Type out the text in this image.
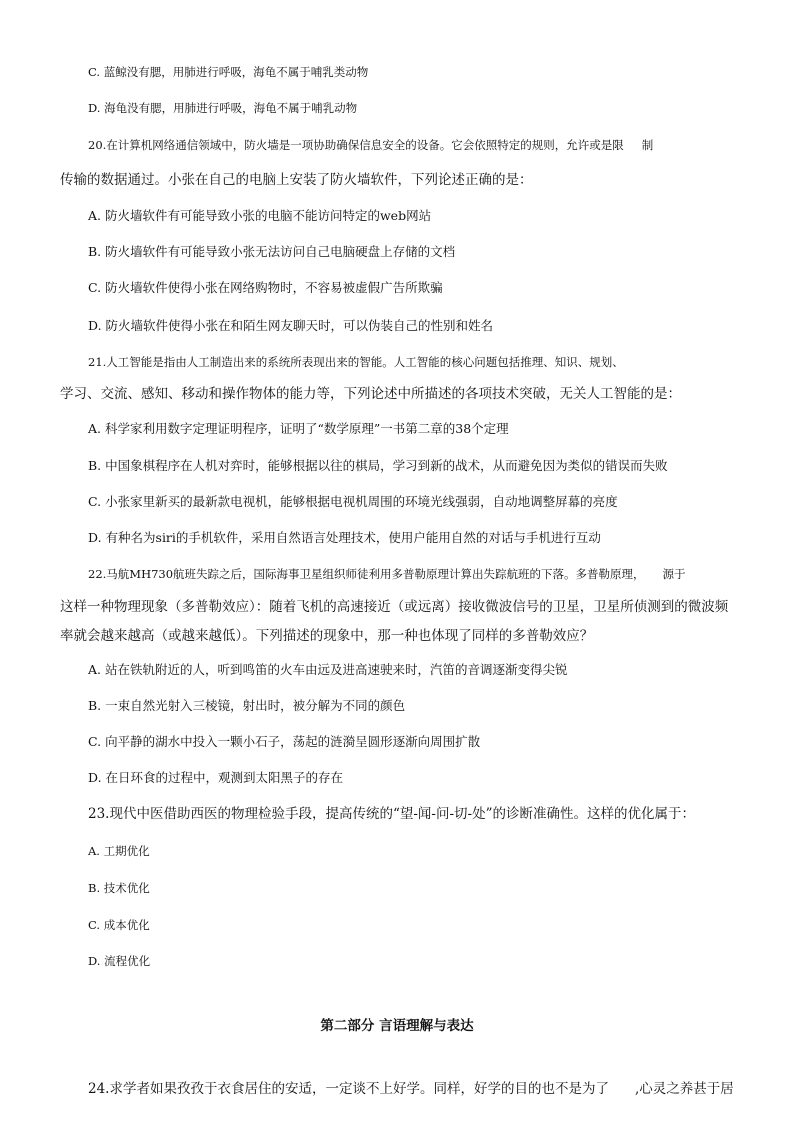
C. 蓝鲸没有腮，用肺进行呼吸，海龟不属于哺乳类动物
D. 海龟没有腮，用肺进行呼吸，海龟不属于哺乳动物
20.在计算机网络通信领域中，防火墙是一项协助确保信息安全的设备。它会依照特定的规则，允许或是限 制
传输的数据通过。小张在自己的电脑上安装了防火墙软件，下列论述正确的是：
A. 防火墙软件有可能导致小张的电脑不能访问特定的web网站
B. 防火墙软件有可能导致小张无法访问自己电脑硬盘上存储的文档
C. 防火墙软件使得小张在网络购物时，不容易被虚假广告所欺骗
D. 防火墙软件使得小张在和陌生网友聊天时，可以伪装自己的性别和姓名
21.人工智能是指由人工制造出来的系统所表现出来的智能。人工智能的核心问题包括推理、知识、规划、
学习、交流、感知、移动和操作物体的能力等，下列论述中所描述的各项技术突破，无关人工智能的是：
A. 科学家利用数字定理证明程序，证明了“数学原理”一书第二章的38个定理
B. 中国象棋程序在人机对弈时，能够根据以往的棋局，学习到新的战术，从而避免因为类似的错误而失败
C. 小张家里新买的最新款电视机，能够根据电视机周围的环境光线强弱，自动地调整屏幕的亮度
D. 有种名为siri的手机软件，采用自然语言处理技术，使用户能用自然的对话与手机进行互动
22.马航MH730航班失踪之后，国际海事卫星组织师徒利用多普勒原理计算出失踪航班的下落。多普勒原理， 源于
这样一种物理现象（多普勒效应）：随着飞机的高速接近（或远离）接收微波信号的卫星，卫星所侦测到的微波频
率就会越来越高（或越来越低）。下列描述的现象中，那一种也体现了同样的多普勒效应？
A. 站在铁轨附近的人，听到鸣笛的火车由远及进高速驶来时，汽笛的音调逐渐变得尖锐
B. 一束自然光射入三棱镜，射出时，被分解为不同的颜色
C. 向平静的湖水中投入一颗小石子，荡起的涟漪呈圆形逐渐向周围扩散
D. 在日环食的过程中，观测到太阳黑子的存在
23.现代中医借助西医的物理检验手段，提高传统的“望-闻-问-切-处”的诊断准确性。这样的优化属于：
A. 工期优化
B. 技术优化
C. 成本优化
D. 流程优化
第二部分 言语理解与表达
24.求学者如果孜孜于衣食居住的安适，一定谈不上好学。同样，好学的目的也不是为了 ,心灵之养甚于居
